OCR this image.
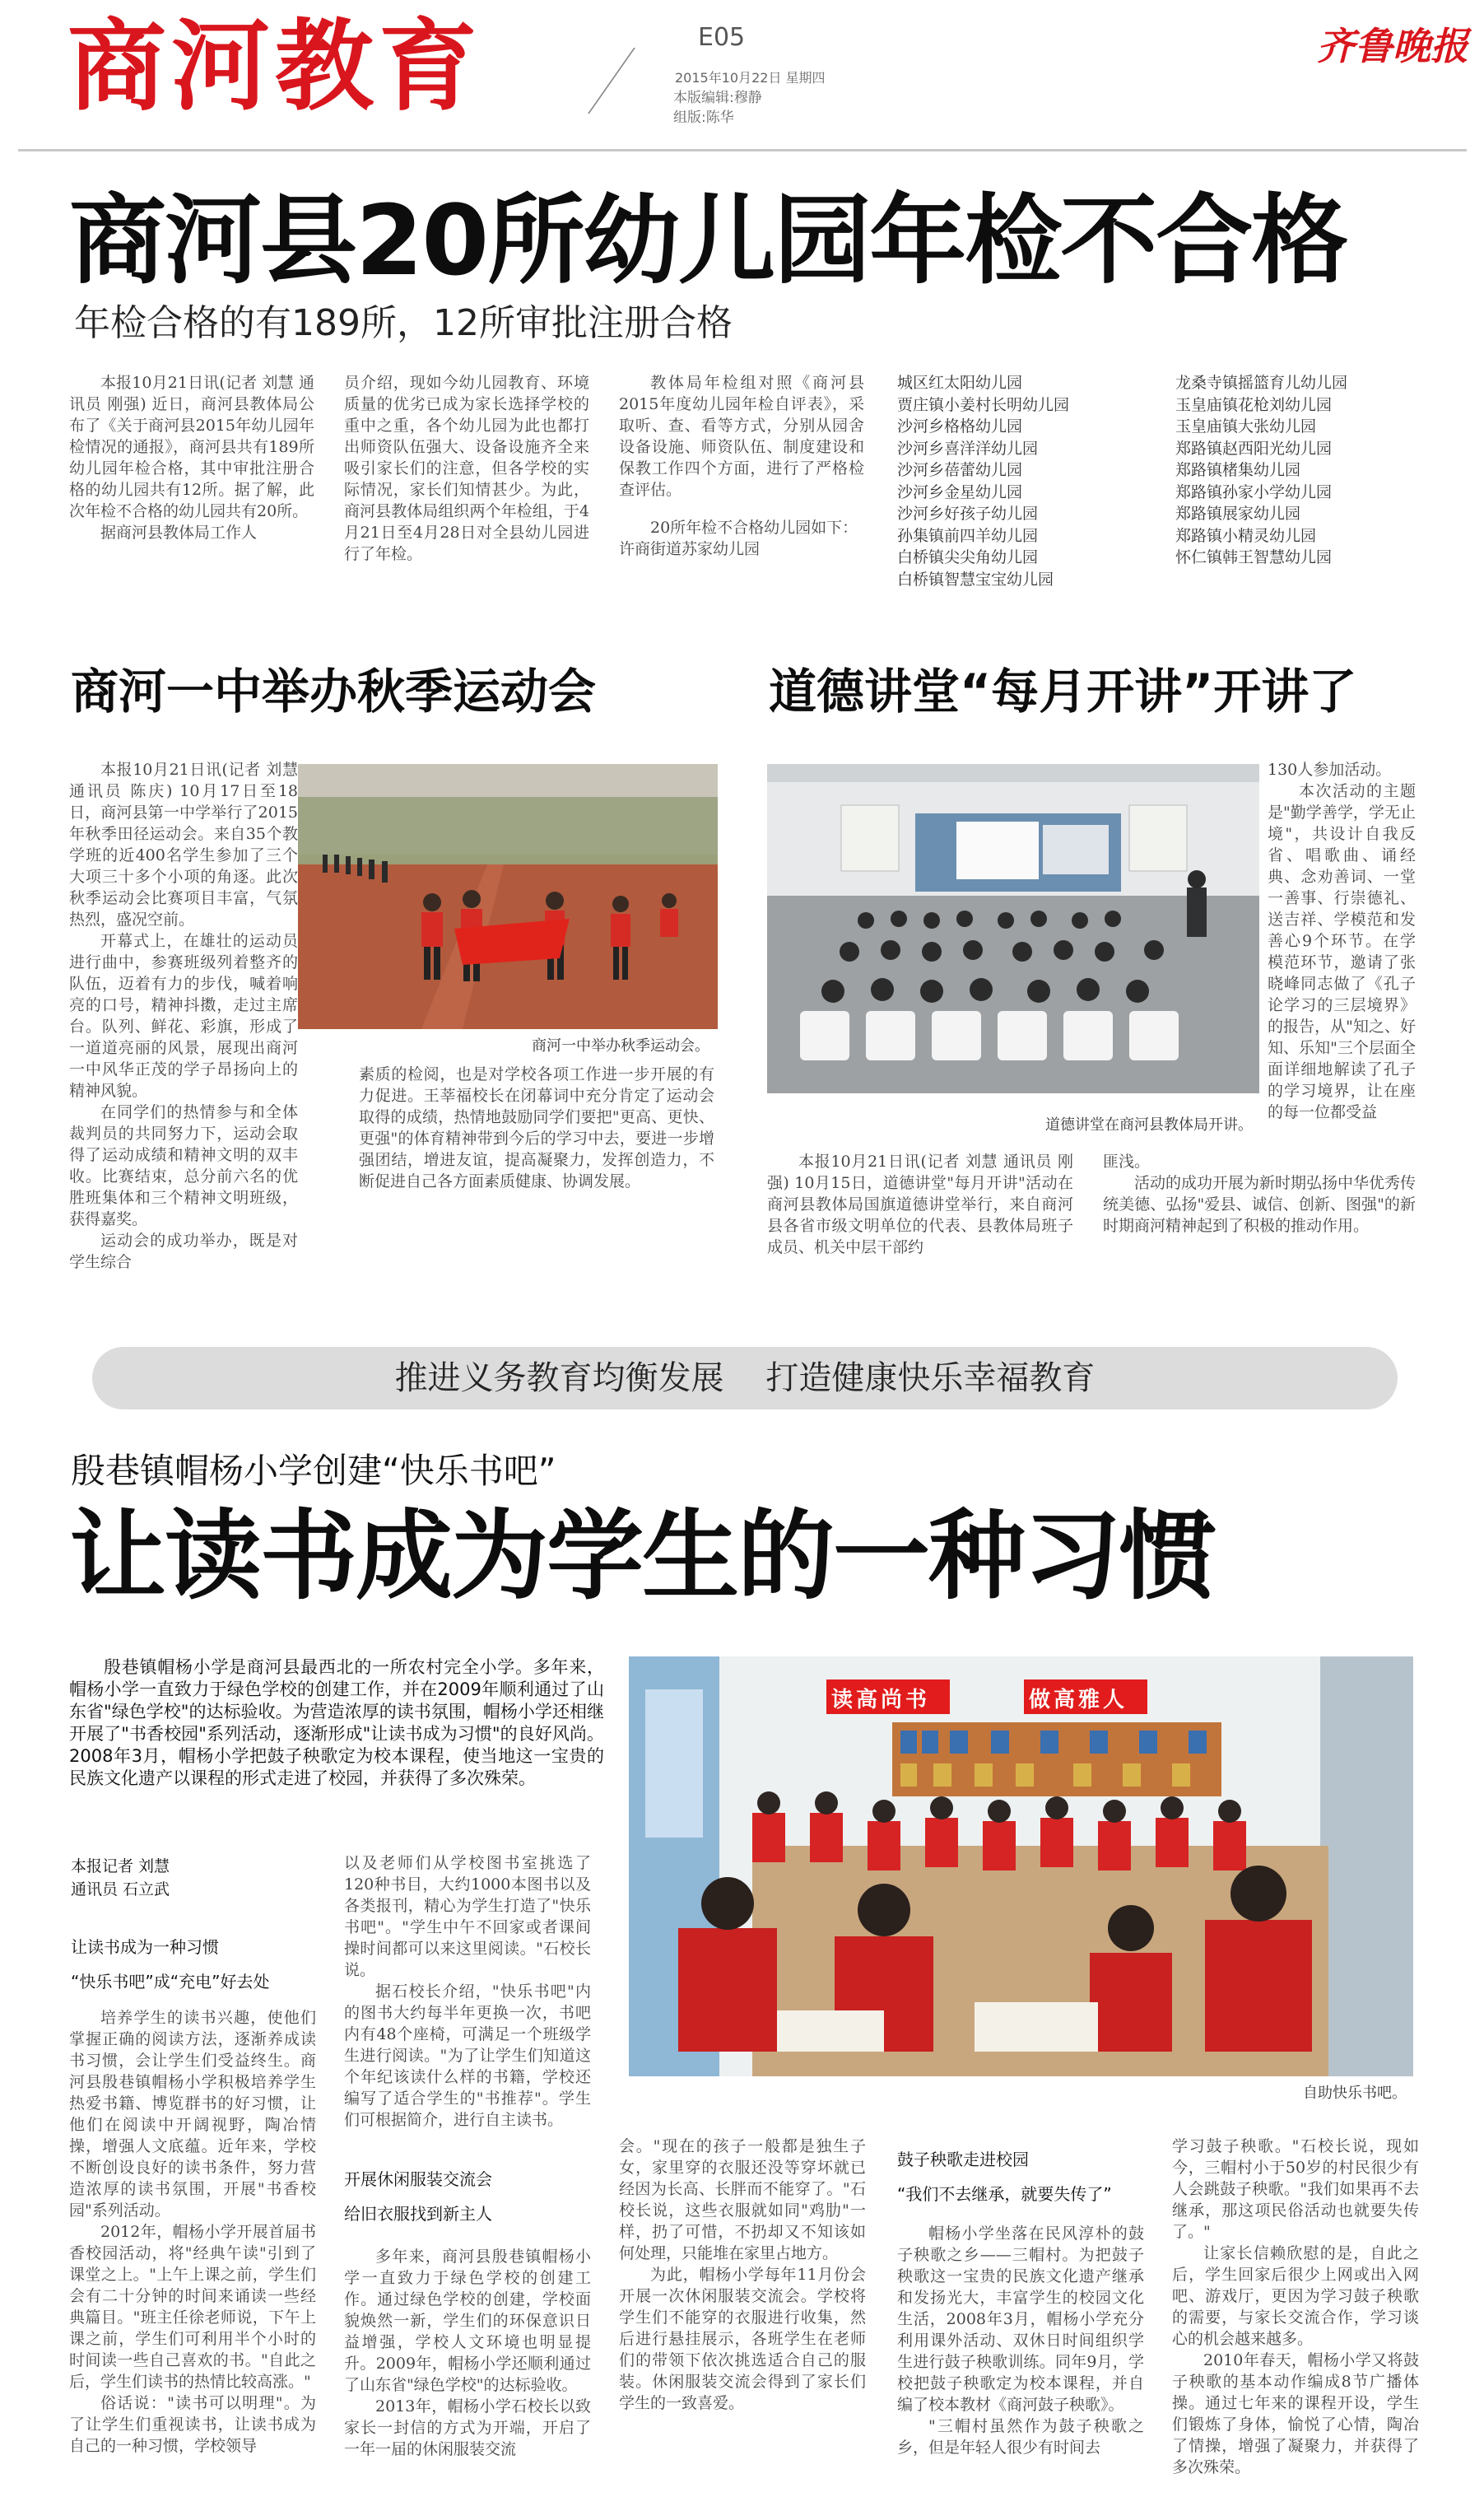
商河教育	E05
2015年10月22日 星期四
本版编辑:穆静
组版:陈华
齐鲁晚报
商河县20所幼儿园年检不合格
年检合格的有189所，12所审批注册合格

本报10月21日讯(记者 刘慧 通讯员 刚强) 近日，商河县教体局公布了《关于商河县2015年幼儿园年检情况的通报》，商河县共有189所幼儿园年检合格，其中审批注册合格的幼儿园共有12所。据了解，此次年检不合格的幼儿园共有20所。

据商河县教体局工作人

员介绍，现如今幼儿园教育、环境质量的优劣已成为家长选择学校的重中之重，各个幼儿园为此也都打出师资队伍强大、设备设施齐全来吸引家长们的注意，但各学校的实际情况，家长们知情甚少。为此，商河县教体局组织两个年检组，于4月21日至4月28日对全县幼儿园进行了年检。

教体局年检组对照《商河县2015年度幼儿园年检自评表》，采取听、查、看等方式，分别从园舍设备设施、师资队伍、制度建设和保教工作四个方面，进行了严格检查评估。

20所年检不合格幼儿园如下：

许商街道苏家幼儿园

城区红太阳幼儿园
贾庄镇小姜村长明幼儿园
沙河乡格格幼儿园
沙河乡喜洋洋幼儿园
沙河乡蓓蕾幼儿园
沙河乡金星幼儿园
沙河乡好孩子幼儿园
孙集镇前四羊幼儿园
白桥镇尖尖角幼儿园
白桥镇智慧宝宝幼儿园
龙桑寺镇摇篮育儿幼儿园
玉皇庙镇花枪刘幼儿园
玉皇庙镇大张幼儿园
郑路镇赵西阳光幼儿园
郑路镇楮集幼儿园
郑路镇孙家小学幼儿园
郑路镇展家幼儿园
郑路镇小精灵幼儿园
怀仁镇韩王智慧幼儿园
商河一中举办秋季运动会

本报10月21日讯(记者 刘慧 通讯员 陈庆) 10月17日至18日，商河县第一中学举行了2015年秋季田径运动会。来自35个教学班的近400名学生参加了三个大项三十多个小项的角逐。此次秋季运动会比赛项目丰富，气氛热烈，盛况空前。

开幕式上，在雄壮的运动员进行曲中，参赛班级列着整齐的队伍，迈着有力的步伐，喊着响亮的口号，精神抖擞，走过主席台。队列、鲜花、彩旗，形成了一道道亮丽的风景，展现出商河一中风华正茂的学子昂扬向上的精神风貌。

在同学们的热情参与和全体裁判员的共同努力下，运动会取得了运动成绩和精神文明的双丰收。比赛结束，总分前六名的优胜班集体和三个精神文明班级，获得嘉奖。

运动会的成功举办，既是对学生综合

商河一中举办秋季运动会。

素质的检阅，也是对学校各项工作进一步开展的有力促进。王莘福校长在闭幕词中充分肯定了运动会取得的成绩，热情地鼓励同学们要把"更高、更快、更强"的体育精神带到今后的学习中去，要进一步增强团结，增进友谊，提高凝聚力，发挥创造力，不断促进自己各方面素质健康、协调发展。

道德讲堂“每月开讲”开讲了

130人参加活动。

本次活动的主题是"勤学善学，学无止境"，共设计自我反省、唱歌曲、诵经典、念劝善词、一堂一善事、行崇德礼、送吉祥、学模范和发善心9个环节。在学模范环节，邀请了张晓峰同志做了《孔子论学习的三层境界》的报告，从"知之、好知、乐知"三个层面全面详细地解读了孔子的学习境界，让在座的每一位都受益

道德讲堂在商河县教体局开讲。

本报10月21日讯(记者 刘慧 通讯员 刚强) 10月15日，道德讲堂"每月开讲"活动在商河县教体局国旗道德讲堂举行，来自商河县各省市级文明单位的代表、县教体局班子成员、机关中层干部约

匪浅。

活动的成功开展为新时期弘扬中华优秀传统美德、弘扬"爱县、诚信、创新、图强"的新时期商河精神起到了积极的推动作用。

推进义务教育均衡发展    打造健康快乐幸福教育
殷巷镇帽杨小学创建“快乐书吧”
让读书成为学生的一种习惯

殷巷镇帽杨小学是商河县最西北的一所农村完全小学。多年来，帽杨小学一直致力于绿色学校的创建工作，并在2009年顺利通过了山东省"绿色学校"的达标验收。为营造浓厚的读书氛围，帽杨小学还相继开展了"书香校园"系列活动，逐渐形成"让读书成为习惯"的良好风尚。2008年3月，帽杨小学把鼓子秧歌定为校本课程，使当地这一宝贵的民族文化遗产以课程的形式走进了校园，并获得了多次殊荣。

读高尚书	做高雅人
自助快乐书吧。
本报记者 刘慧
通讯员 石立武
让读书成为一种习惯
“快乐书吧”成“充电”好去处

培养学生的读书兴趣，使他们掌握正确的阅读方法，逐渐养成读书习惯，会让学生们受益终生。商河县殷巷镇帽杨小学积极培养学生热爱书籍、博览群书的好习惯，让他们在阅读中开阔视野，陶冶情操，增强人文底蕴。近年来，学校不断创设良好的读书条件，努力营造浓厚的读书氛围，开展"书香校园"系列活动。

2012年，帽杨小学开展首届书香校园活动，将"经典午读"引到了课堂之上。"上午上课之前，学生们会有二十分钟的时间来诵读一些经典篇目。"班主任徐老师说，下午上课之前，学生们可利用半个小时的时间读一些自己喜欢的书。"自此之后，学生们读书的热情比较高涨。"

俗话说："读书可以明理"。为了让学生们重视读书，让读书成为自己的一种习惯，学校领导

以及老师们从学校图书室挑选了120种书目，大约1000本图书以及各类报刊，精心为学生打造了"快乐书吧"。"学生中午不回家或者课间操时间都可以来这里阅读。"石校长说。

据石校长介绍，"快乐书吧"内的图书大约每半年更换一次，书吧内有48个座椅，可满足一个班级学生进行阅读。"为了让学生们知道这个年纪该读什么样的书籍，学校还编写了适合学生的"书推荐"。学生们可根据简介，进行自主读书。

开展休闲服装交流会
给旧衣服找到新主人

多年来，商河县殷巷镇帽杨小学一直致力于绿色学校的创建工作。通过绿色学校的创建，学校面貌焕然一新，学生们的环保意识日益增强，学校人文环境也明显提升。2009年，帽杨小学还顺利通过了山东省"绿色学校"的达标验收。

2013年，帽杨小学石校长以致家长一封信的方式为开端，开启了一年一届的休闲服装交流

会。"现在的孩子一般都是独生子女，家里穿的衣服还没等穿坏就已经因为长高、长胖而不能穿了。"石校长说，这些衣服就如同"鸡肋"一样，扔了可惜，不扔却又不知该如何处理，只能堆在家里占地方。

为此，帽杨小学每年11月份会开展一次休闲服装交流会。学校将学生们不能穿的衣服进行收集，然后进行悬挂展示，各班学生在老师们的带领下依次挑选适合自己的服装。休闲服装交流会得到了家长们学生的一致喜爱。

鼓子秧歌走进校园
“我们不去继承，就要失传了”

帽杨小学坐落在民风淳朴的鼓子秧歌之乡——三帽村。为把鼓子秧歌这一宝贵的民族文化遗产继承和发扬光大，丰富学生的校园文化生活，2008年3月，帽杨小学充分利用课外活动、双休日时间组织学生进行鼓子秧歌训练。同年9月，学校把鼓子秧歌定为校本课程，并自编了校本教材《商河鼓子秧歌》。

"三帽村虽然作为鼓子秧歌之乡，但是年轻人很少有时间去

学习鼓子秧歌。"石校长说，现如今，三帽村小于50岁的村民很少有人会跳鼓子秧歌。"我们如果再不去继承，那这项民俗活动也就要失传了。"

让家长信赖欣慰的是，自此之后，学生回家后很少上网或出入网吧、游戏厅，更因为学习鼓子秧歌的需要，与家长交流合作，学习谈心的机会越来越多。

2010年春天，帽杨小学又将鼓子秧歌的基本动作编成8节广播体操。通过七年来的课程开设，学生们锻炼了身体，愉悦了心情，陶冶了情操，增强了凝聚力，并获得了多次殊荣。
